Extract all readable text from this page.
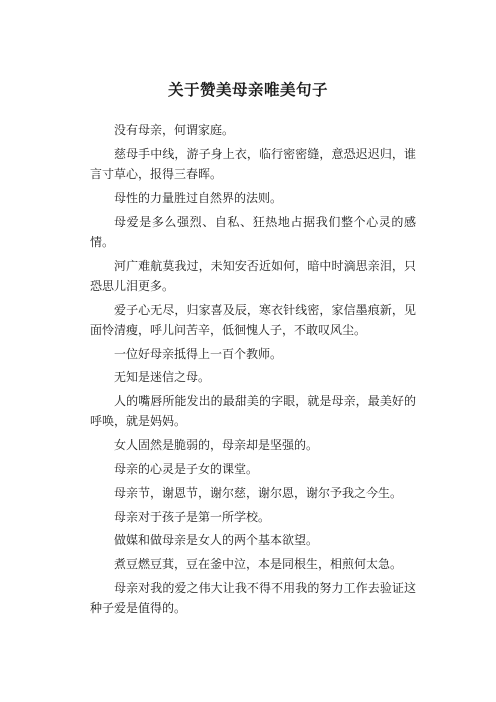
关于赞美母亲唯美句子

没有母亲，何谓家庭。

慈母手中线，游子身上衣，临行密密缝，意恐迟迟归，谁言寸草心，报得三春晖。

母性的力量胜过自然界的法则。

母爱是多么强烈、自私、狂热地占据我们整个心灵的感情。

河广难航莫我过，未知安否近如何，暗中时滴思亲泪，只恐思儿泪更多。

爱子心无尽，归家喜及辰，寒衣针线密，家信墨痕新，见面怜清瘦，呼儿问苦辛，低徊愧人子，不敢叹风尘。

一位好母亲抵得上一百个教师。

无知是迷信之母。

人的嘴唇所能发出的最甜美的字眼，就是母亲，最美好的呼唤，就是妈妈。

女人固然是脆弱的，母亲却是坚强的。

母亲的心灵是子女的课堂。

母亲节，谢恩节，谢尔慈，谢尔恩，谢尔予我之今生。

母亲对于孩子是第一所学校。

做媒和做母亲是女人的两个基本欲望。

煮豆燃豆萁，豆在釜中泣，本是同根生，相煎何太急。

母亲对我的爱之伟大让我不得不用我的努力工作去验证这种子爱是值得的。
